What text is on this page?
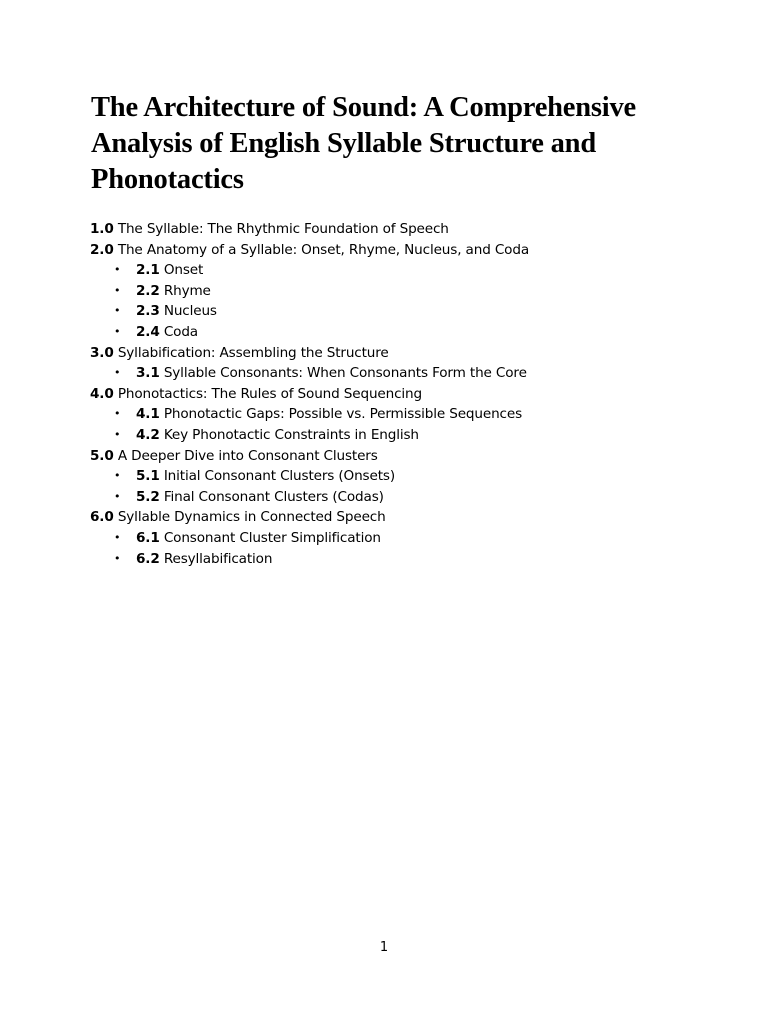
The Architecture of Sound: A Comprehensive Analysis of English Syllable Structure and Phonotactics
1.0 The Syllable: The Rhythmic Foundation of Speech
2.0 The Anatomy of a Syllable: Onset, Rhyme, Nucleus, and Coda
• 2.1 Onset
• 2.2 Rhyme
• 2.3 Nucleus
• 2.4 Coda
3.0 Syllabification: Assembling the Structure
• 3.1 Syllable Consonants: When Consonants Form the Core
4.0 Phonotactics: The Rules of Sound Sequencing
• 4.1 Phonotactic Gaps: Possible vs. Permissible Sequences
• 4.2 Key Phonotactic Constraints in English
5.0 A Deeper Dive into Consonant Clusters
• 5.1 Initial Consonant Clusters (Onsets)
• 5.2 Final Consonant Clusters (Codas)
6.0 Syllable Dynamics in Connected Speech
• 6.1 Consonant Cluster Simplification
• 6.2 Resyllabification
1
